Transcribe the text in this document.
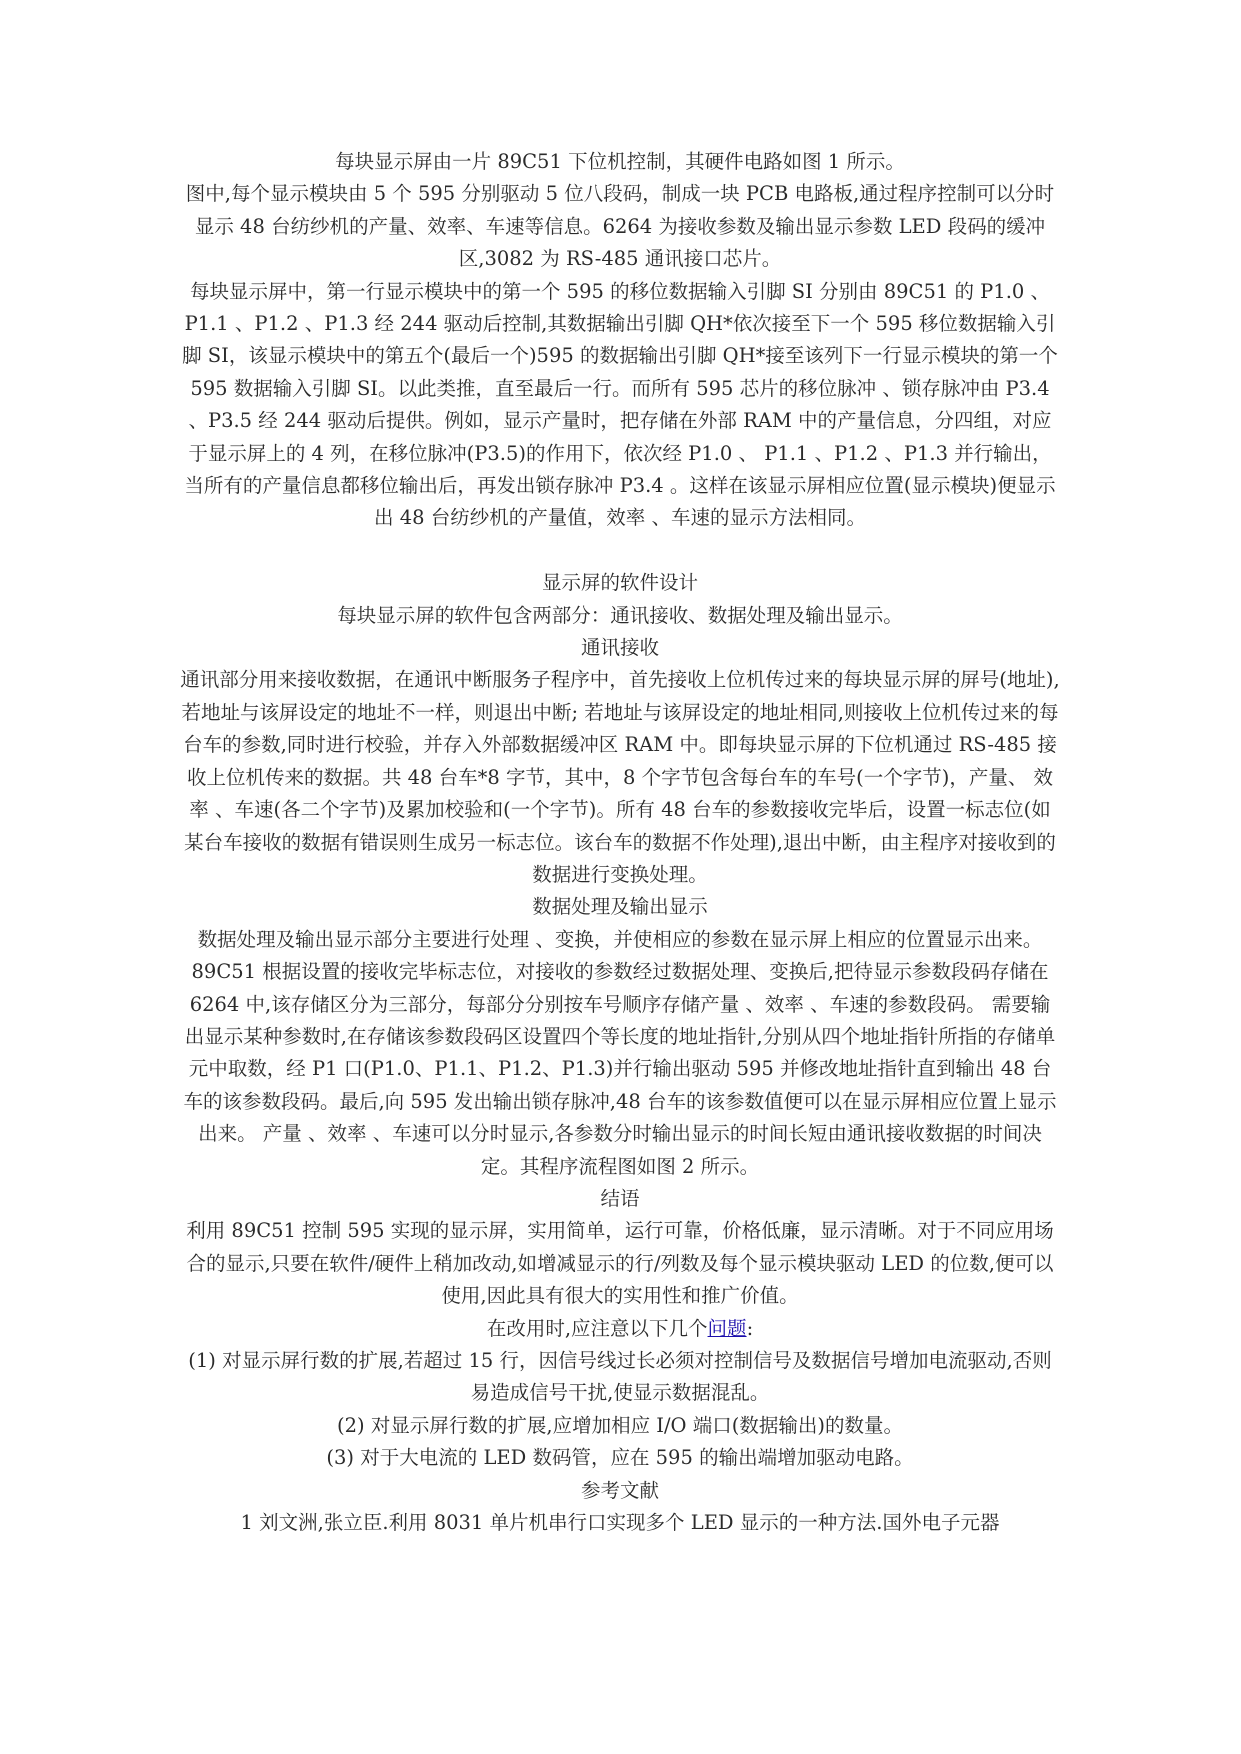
每块显示屏由一片 89C51 下位机控制，其硬件电路如图 1 所示。

图中,每个显示模块由 5 个 595 分别驱动 5 位八段码，制成一块 PCB 电路板,通过程序控制可以分时显示 48 台纺纱机的产量、效率、车速等信息。6264 为接收参数及输出显示参数 LED 段码的缓冲区,3082 为 RS-485 通讯接口芯片。

每块显示屏中，第一行显示模块中的第一个 595 的移位数据输入引脚 SI 分别由 89C51 的 P1.0 、P1.1 、P1.2 、P1.3 经 244 驱动后控制,其数据输出引脚 QH*依次接至下一个 595 移位数据输入引脚 SI，该显示模块中的第五个(最后一个)595 的数据输出引脚 QH*接至该列下一行显示模块的第一个 595 数据输入引脚 SI。以此类推，直至最后一行。而所有 595 芯片的移位脉冲 、锁存脉冲由 P3.4 、P3.5 经 244 驱动后提供。例如，显示产量时，把存储在外部 RAM 中的产量信息，分四组，对应于显示屏上的 4 列，在移位脉冲(P3.5)的作用下，依次经 P1.0 、 P1.1 、P1.2 、P1.3 并行输出，当所有的产量信息都移位输出后，再发出锁存脉冲 P3.4 。这样在该显示屏相应位置(显示模块)便显示出 48 台纺纱机的产量值，效率 、车速的显示方法相同。

显示屏的软件设计

每块显示屏的软件包含两部分：通讯接收、数据处理及输出显示。

通讯接收

通讯部分用来接收数据，在通讯中断服务子程序中，首先接收上位机传过来的每块显示屏的屏号(地址),若地址与该屏设定的地址不一样，则退出中断; 若地址与该屏设定的地址相同,则接收上位机传过来的每台车的参数,同时进行校验，并存入外部数据缓冲区 RAM 中。即每块显示屏的下位机通过 RS-485 接收上位机传来的数据。共 48 台车*8 字节，其中，8 个字节包含每台车的车号(一个字节)，产量、 效率 、车速(各二个字节)及累加校验和(一个字节)。所有 48 台车的参数接收完毕后，设置一标志位(如某台车接收的数据有错误则生成另一标志位。该台车的数据不作处理),退出中断，由主程序对接收到的数据进行变换处理。

数据处理及输出显示

数据处理及输出显示部分主要进行处理 、变换，并使相应的参数在显示屏上相应的位置显示出来。89C51 根据设置的接收完毕标志位，对接收的参数经过数据处理、变换后,把待显示参数段码存储在 6264 中,该存储区分为三部分，每部分分别按车号顺序存储产量 、效率 、车速的参数段码。 需要输出显示某种参数时,在存储该参数段码区设置四个等长度的地址指针,分别从四个地址指针所指的存储单元中取数，经 P1 口(P1.0、P1.1、P1.2、P1.3)并行输出驱动 595 并修改地址指针直到输出 48 台车的该参数段码。最后,向 595 发出输出锁存脉冲,48 台车的该参数值便可以在显示屏相应位置上显示出来。 产量 、效率 、车速可以分时显示,各参数分时输出显示的时间长短由通讯接收数据的时间决定。其程序流程图如图 2 所示。

结语

利用 89C51 控制 595 实现的显示屏，实用简单，运行可靠，价格低廉，显示清晰。对于不同应用场合的显示,只要在软件/硬件上稍加改动,如增减显示的行/列数及每个显示模块驱动 LED 的位数,便可以使用,因此具有很大的实用性和推广价值。

在改用时,应注意以下几个问题:

(1) 对显示屏行数的扩展,若超过 15 行，因信号线过长必须对控制信号及数据信号增加电流驱动,否则易造成信号干扰,使显示数据混乱。

(2) 对显示屏行数的扩展,应增加相应 I/O 端口(数据输出)的数量。

(3) 对于大电流的 LED 数码管，应在 595 的输出端增加驱动电路。

参考文献

1 刘文洲,张立臣.利用 8031 单片机串行口实现多个 LED 显示的一种方法.国外电子元器
